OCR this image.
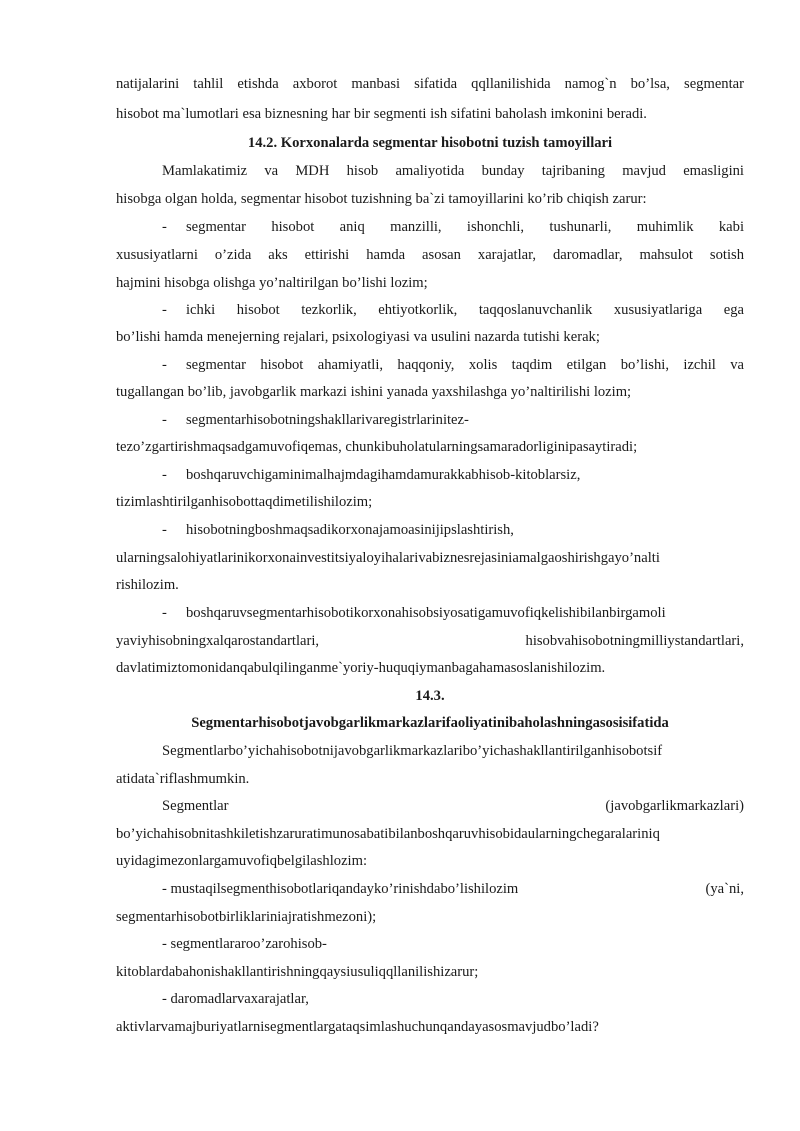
natijalarini tahlil etishda axborot manbasi sifatida qqllanilishida namog`n bo’lsa, segmentar
hisobot ma`lumotlari esa biznesning har bir segmenti ish sifatini baholash imkonini beradi.
14.2. Korxonalarda segmentar hisobotni tuzish tamoyillari
Mamlakatimiz va MDH hisob amaliyotida bunday tajribaning mavjud emasligini
hisobga olgan holda, segmentar hisobot tuzishning ba`zi tamoyillarini ko’rib chiqish zarur:
-	segmentar hisobot aniq manzilli, ishonchli, tushunarli, muhimlik kabi
xususiyatlarni o’zida aks ettirishi hamda asosan xarajatlar, daromadlar, mahsulot sotish
hajmini hisobga olishga yo’naltirilgan bo’lishi lozim;
-	ichki hisobot tezkorlik, ehtiyotkorlik, taqqoslanuvchanlik xususiyatlariga ega
bo’lishi hamda menejerning rejalari, psixologiyasi va usulini nazarda tutishi kerak;
-	segmentar hisobot ahamiyatli, haqqoniy, xolis taqdim etilgan bo’lishi, izchil va
tugallangan bo’lib, javobgarlik markazi ishini yanada yaxshilashga yo’naltirilishi lozim;
- segmentarhisobotningshakllarivaregistrlarinitez-
tezo’zgartirishmaqsadgamuvofiqemas, chunkibuholatularningsamaradorliginipasaytiradi;
- boshqaruvchigaminimalhajmdagihamdamurakkabhisob-kitoblarsiz,
tizimlashtirilganhisobottaqdimetilishilozim;
- hisobotningboshmaqsadikorxonajamoasinijipslashtirish,
ularningsalohiyatlarinikorxonainvestitsiyaloyihalarivabiznesrejasiniamalgaoshirishgayo’nalti
rishilozim.
- boshqaruvsegmentarhisobotikorxonahisobsiyosatigamuvofiqkelishibilanbirgamoli
yaviyhisobningxalqarostandartlari,	hisobvahisobotningmilliystandartlari,
davlatimiztomonidanqabulqilinganme`yoriy-huquqiymanbagahamasoslanishilozim.
14.3.
Segmentarhisobotjavobgarlikmarkazlarifaoliyatinibaholashningasosisifatida
Segmentlarbo’yichahisobotnijavobgarlikmarkazlaribo’yichashakllantirilganhisobotsif
atidata`riflashmumkin.
Segmentlar	(javobgarlikmarkazlari)
bo’yichahisobnitashkiletishzaruratimunosabatibilanboshqaruvhisobidaularningchegaralariniq
uyidagimezonlargamuvofiqbelgilashlozim:
- mustaqilsegmenthisobotlariqandayko’rinishdabo’lishilozim	(ya`ni,
segmentarhisobotbirliklariniajratishmezoni);
- segmentlararoo’zarohisob-
kitoblardabahonishakllantirishningqaysiusuliqqllanilishizarur;
- daromadlarvaxarajatlar,
aktivlarvamajburiyatlarnisegmentlargataqsimlashuchunqandayasosmavjudbo’ladi?
